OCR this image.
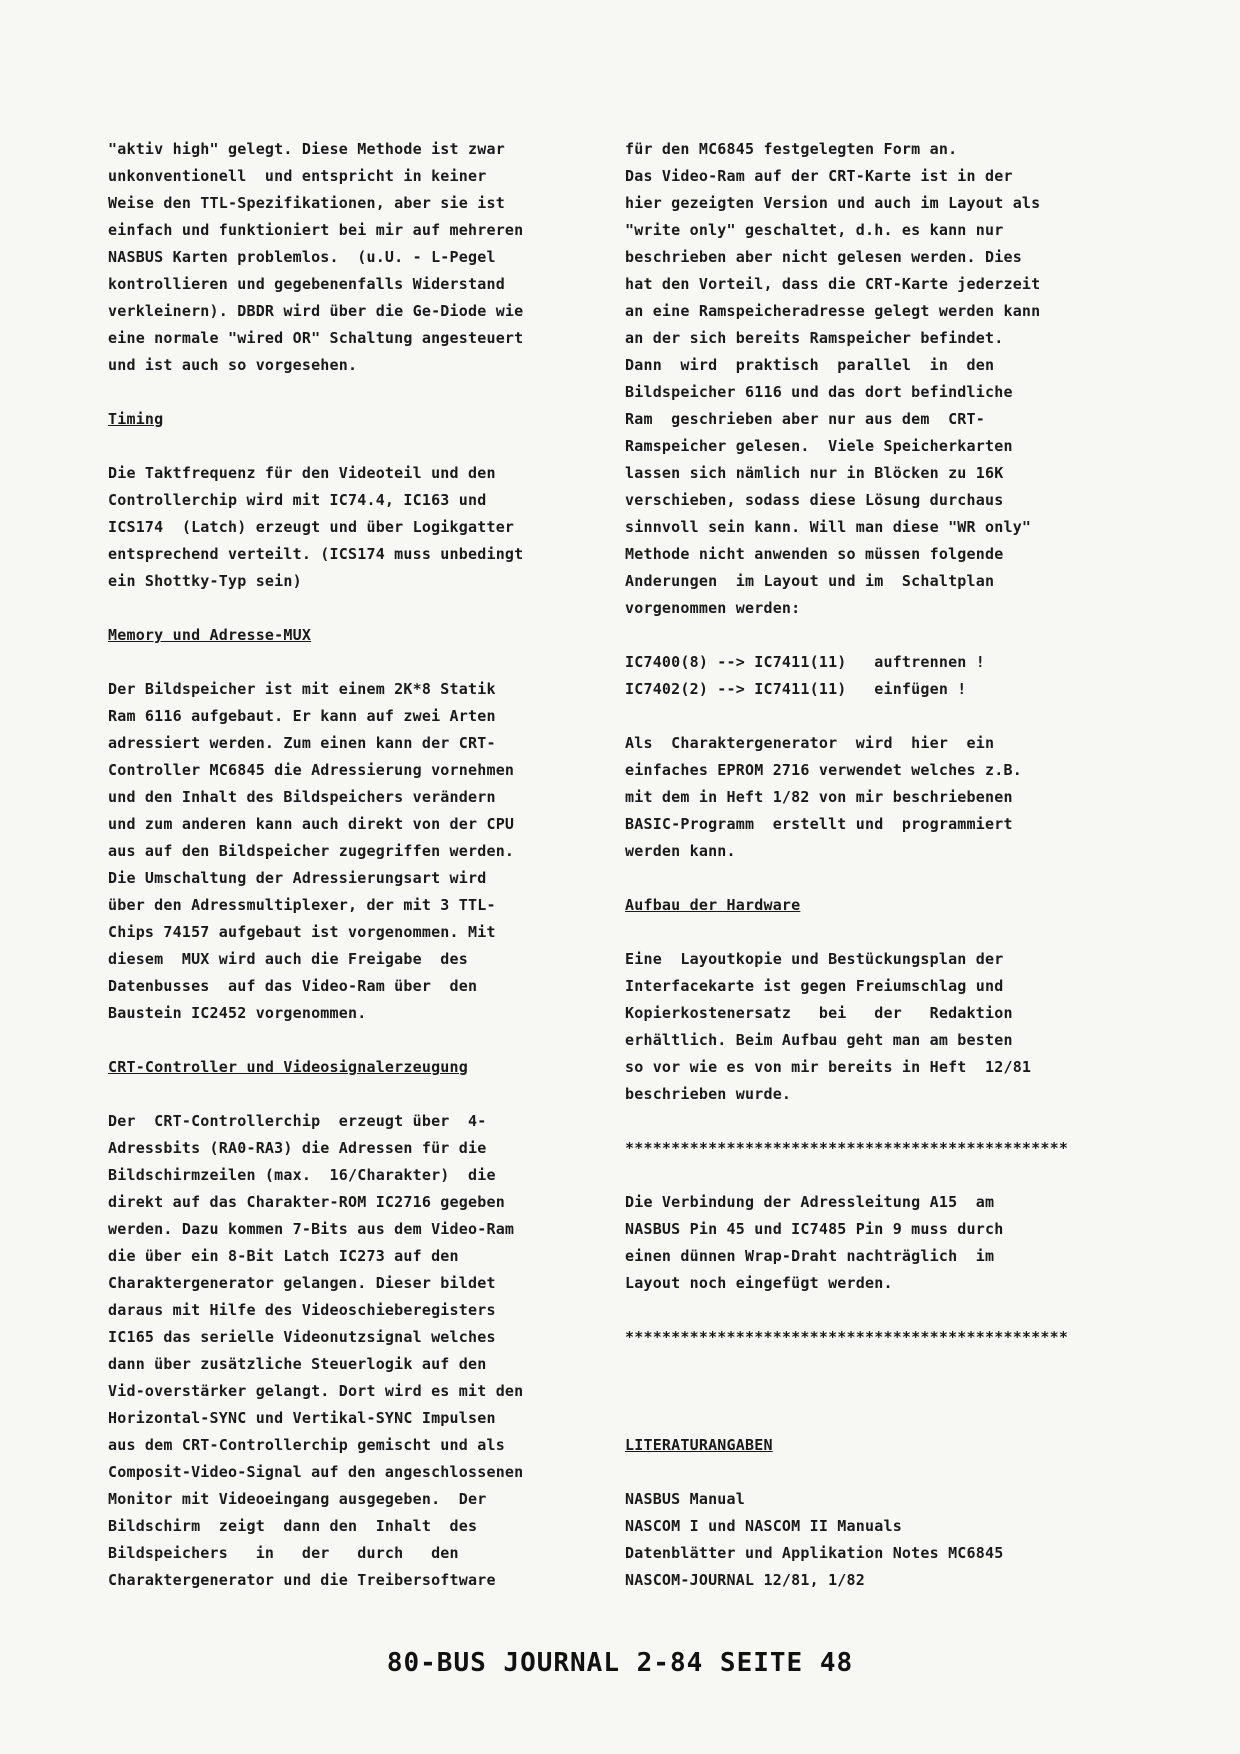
"aktiv high" gelegt. Diese Methode ist zwar
unkonventionell  und entspricht in keiner
Weise den TTL-Spezifikationen, aber sie ist
einfach und funktioniert bei mir auf mehreren
NASBUS Karten problemlos.  (u.U. - L-Pegel
kontrollieren und gegebenenfalls Widerstand
verkleinern). DBDR wird über die Ge-Diode wie
eine normale "wired OR" Schaltung angesteuert
und ist auch so vorgesehen.
Timing
Die Taktfrequenz für den Videoteil und den
Controllerchip wird mit IC74.4, IC163 und
ICS174  (Latch) erzeugt und über Logikgatter
entsprechend verteilt. (ICS174 muss unbedingt
ein Shottky-Typ sein)
Memory und Adresse-MUX
Der Bildspeicher ist mit einem 2K*8 Statik
Ram 6116 aufgebaut. Er kann auf zwei Arten
adressiert werden. Zum einen kann der CRT-
Controller MC6845 die Adressierung vornehmen
und den Inhalt des Bildspeichers verändern
und zum anderen kann auch direkt von der CPU
aus auf den Bildspeicher zugegriffen werden.
Die Umschaltung der Adressierungsart wird
über den Adressmultiplexer, der mit 3 TTL-
Chips 74157 aufgebaut ist vorgenommen. Mit
diesem  MUX wird auch die Freigabe  des
Datenbusses  auf das Video-Ram über  den
Baustein IC2452 vorgenommen.
CRT-Controller und Videosignalerzeugung
Der  CRT-Controllerchip  erzeugt über  4-
Adressbits (RA0-RA3) die Adressen für die
Bildschirmzeilen (max.  16/Charakter)  die
direkt auf das Charakter-ROM IC2716 gegeben
werden. Dazu kommen 7-Bits aus dem Video-Ram
die über ein 8-Bit Latch IC273 auf den
Charaktergenerator gelangen. Dieser bildet
daraus mit Hilfe des Videoschieberegisters
IC165 das serielle Videonutzsignal welches
dann über zusätzliche Steuerlogik auf den
Vid-overstärker gelangt. Dort wird es mit den
Horizontal-SYNC und Vertikal-SYNC Impulsen
aus dem CRT-Controllerchip gemischt und als
Composit-Video-Signal auf den angeschlossenen
Monitor mit Videoeingang ausgegeben.  Der
Bildschirm  zeigt  dann den  Inhalt  des
Bildspeichers   in   der   durch   den
Charaktergenerator und die Treibersoftware
für den MC6845 festgelegten Form an.
Das Video-Ram auf der CRT-Karte ist in der
hier gezeigten Version und auch im Layout als
"write only" geschaltet, d.h. es kann nur
beschrieben aber nicht gelesen werden. Dies
hat den Vorteil, dass die CRT-Karte jederzeit
an eine Ramspeicheradresse gelegt werden kann
an der sich bereits Ramspeicher befindet.
Dann  wird  praktisch  parallel  in  den
Bildspeicher 6116 und das dort befindliche
Ram  geschrieben aber nur aus dem  CRT-
Ramspeicher gelesen.  Viele Speicherkarten
lassen sich nämlich nur in Blöcken zu 16K
verschieben, sodass diese Lösung durchaus
sinnvoll sein kann. Will man diese "WR only"
Methode nicht anwenden so müssen folgende
Anderungen  im Layout und im  Schaltplan
vorgenommen werden:
IC7400(8) --> IC7411(11)   auftrennen !
IC7402(2) --> IC7411(11)   einfügen !
Als  Charaktergenerator  wird  hier  ein
einfaches EPROM 2716 verwendet welches z.B.
mit dem in Heft 1/82 von mir beschriebenen
BASIC-Programm  erstellt und  programmiert
werden kann.
Aufbau der Hardware
Eine  Layoutkopie und Bestückungsplan der
Interfacekarte ist gegen Freiumschlag und
Kopierkostenersatz   bei   der   Redaktion
erhältlich. Beim Aufbau geht man am besten
so vor wie es von mir bereits in Heft  12/81
beschrieben wurde.
************************************************
Die Verbindung der Adressleitung A15  am
NASBUS Pin 45 und IC7485 Pin 9 muss durch
einen dünnen Wrap-Draht nachträglich  im
Layout noch eingefügt werden.
************************************************
LITERATURANGABEN
NASBUS Manual
NASCOM I und NASCOM II Manuals
Datenblätter und Applikation Notes MC6845
NASCOM-JOURNAL 12/81, 1/82
80-BUS JOURNAL 2-84 SEITE 48
